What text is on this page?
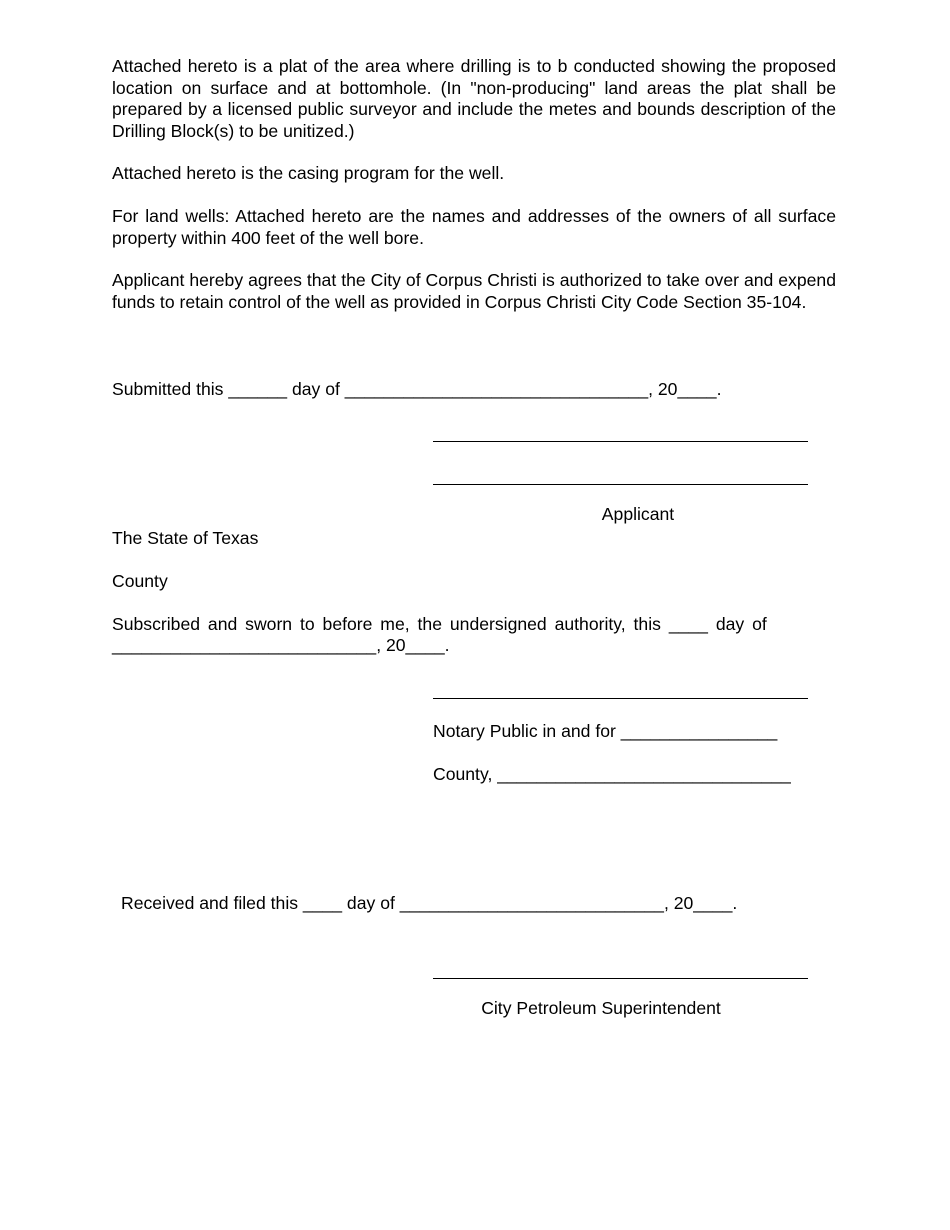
Attached hereto is a plat of the area where drilling is to b conducted showing the proposed location on surface and at bottomhole. (In "non-producing" land areas the plat shall be prepared by a licensed public surveyor and include the metes and bounds description of the Drilling Block(s) to be unitized.)

Attached hereto is the casing program for the well.

For land wells: Attached hereto are the names and addresses of the owners of all surface property within 400 feet of the well bore.

Applicant hereby agrees that the City of Corpus Christi is authorized to take over and expend funds to retain control of the well as provided in Corpus Christi City Code Section 35-104.

Submitted this ______ day of _______________________________, 20____.

Applicant

The State of Texas

County

Subscribed and sworn to before me, the undersigned authority, this ____ day of

___________________________, 20____.

Notary Public in and for ________________

County, ______________________________

Received and filed this ____ day of ___________________________, 20____.

City Petroleum Superintendent
